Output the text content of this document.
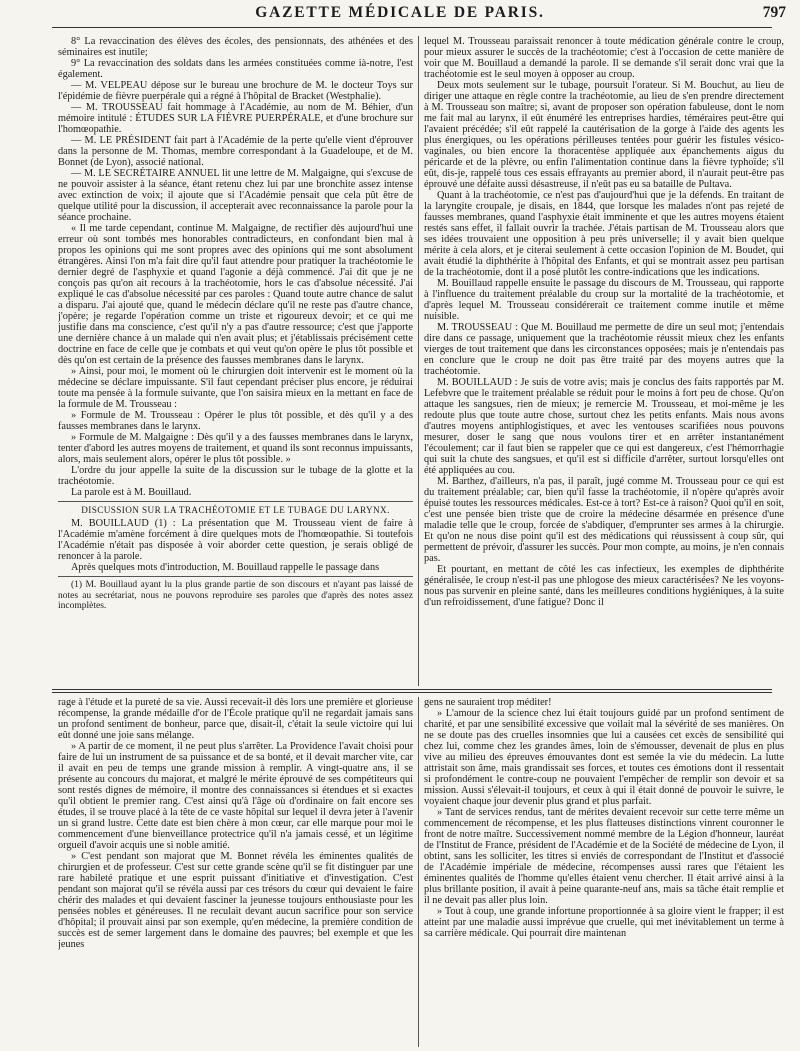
GAZETTE MÉDICALE DE PARIS.	797

8° La revaccination des élèves des écoles, des pensionnats, des athénées et des séminaires est inutile;

9° La revaccination des soldats dans les armées constituées comme ià-notre, l'est également.

— M. VELPEAU dépose sur le bureau une brochure de M. le docteur Toys sur l'épidémie de fièvre puerpérale qui a régné à l'hôpital de Bracket (Westphalie).

— M. TROUSSEAU fait hommage à l'Académie, au nom de M. Béhier, d'un mémoire intitulé : ÉTUDES SUR LA FIÈVRE PUERPÉRALE, et d'une brochure sur l'homœopathie.

— M. LE PRÉSIDENT fait part à l'Académie de la perte qu'elle vient d'éprouver dans la personne de M. Thomas, membre correspondant à la Guadeloupe, et de M. Bonnet (de Lyon), associé national.

— M. LE SECRÉTAIRE ANNUEL lit une lettre de M. Malgaigne, qui s'excuse de ne pouvoir assister à la séance, étant retenu chez lui par une bronchite assez intense avec extinction de voix; il ajoute que si l'Académie pensait que cela pût être de quelque utilité pour la discussion, il accepterait avec reconnaissance la parole pour la séance prochaine.

« Il me tarde cependant, continue M. Malgaigne, de rectifier dès aujourd'hui une erreur où sont tombés mes honorables contradicteurs, en confondant bien mal à propos les opinions qui me sont propres avec des opinions qui me sont absolument étrangères. Ainsi l'on m'a fait dire qu'il faut attendre pour pratiquer la trachéotomie le dernier degré de l'asphyxie et quand l'agonie a déjà commencé. J'ai dit que je ne conçois pas qu'on ait recours à la trachéotomie, hors le cas d'absolue nécessité. J'ai expliqué le cas d'absolue nécessité par ces paroles : Quand toute autre chance de salut a disparu. J'ai ajouté que, quand le médecin déclare qu'il ne reste pas d'autre chance, j'opère; je regarde l'opération comme un triste et rigoureux devoir; et ce qui me justifie dans ma conscience, c'est qu'il n'y a pas d'autre ressource; c'est que j'apporte une dernière chance à un malade qui n'en avait plus; et j'établissais précisément cette doctrine en face de celle que je combats et qui veut qu'on opère le plus tôt possible et dès qu'on est certain de la présence des fausses membranes dans le larynx.

» Ainsi, pour moi, le moment où le chirurgien doit intervenir est le moment où la médecine se déclare impuissante. S'il faut cependant préciser plus encore, je réduirai toute ma pensée à la formule suivante, que l'on saisira mieux en la mettant en face de la formule de M. Trousseau :

» Formule de M. Trousseau : Opérer le plus tôt possible, et dès qu'il y a des fausses membranes dans le larynx.

» Formule de M. Malgaigne : Dès qu'il y a des fausses membranes dans le larynx, tenter d'abord les autres moyens de traitement, et quand ils sont reconnus impuissants, alors, mais seulement alors, opérer le plus tôt possible. »

L'ordre du jour appelle la suite de la discussion sur le tubage de la glotte et la trachéotomie.

La parole est à M. Bouillaud.

DISCUSSION SUR LA TRACHÉOTOMIE ET LE TUBAGE DU LARYNX.

M. BOUILLAUD (1) : La présentation que M. Trousseau vient de faire à l'Académie m'amène forcément à dire quelques mots de l'homœopathie. Si toutefois l'Académie n'était pas disposée à voir aborder cette question, je serais obligé de renoncer à la parole.

Après quelques mots d'introduction, M. Bouillaud rappelle le passage dans

(1) M. Bouillaud ayant lu la plus grande partie de son discours et n'ayant pas laissé de notes au secrétariat, nous ne pouvons reproduire ses paroles que d'après des notes assez incomplètes.

lequel M. Trousseau paraissait renoncer à toute médication générale contre le croup, pour mieux assurer le succès de la trachéotomie; c'est à l'occasion de cette manière de voir que M. Bouillaud a demandé la parole. Il se demande s'il serait donc vrai que la trachéotomie est le seul moyen à opposer au croup.

Deux mots seulement sur le tubage, poursuit l'orateur. Si M. Bouchut, au lieu de diriger une attaque en règle contre la trachéotomie, au lieu de s'en prendre directement à M. Trousseau son maître; si, avant de proposer son opération fabuleuse, dont le nom me fait mal au larynx, il eût énuméré les entreprises hardies, téméraires peut-être qui l'avaient précédée; s'il eût rappelé la cautérisation de la gorge à l'aide des agents les plus énergiques, ou les opérations périlleuses tentées pour guérir les fistules vésico-vaginales, ou bien encore la thoracentèse appliquée aux épanchements aigus du péricarde et de la plèvre, ou enfin l'alimentation continue dans la fièvre typhoïde; s'il eût, dis-je, rappelé tous ces essais effrayants au premier abord, il n'aurait peut-être pas éprouvé une défaite aussi désastreuse, il n'eût pas eu sa bataille de Pultava.

Quant à la trachéotomie, ce n'est pas d'aujourd'hui que je la défends. En traitant de la laryngite croupale, je disais, en 1844, que lorsque les malades n'ont pas rejeté de fausses membranes, quand l'asphyxie était imminente et que les autres moyens étaient restés sans effet, il fallait ouvrir la trachée. J'étais partisan de M. Trousseau alors que ses idées trouvaient une opposition à peu près universelle; il y avait bien quelque mérite à cela alors, et je citerai seulement à cette occasion l'opinion de M. Boudet, qui avait étudié la diphthérite à l'hôpital des Enfants, et qui se montrait assez peu partisan de la trachéotomie, dont il a posé plutôt les contre-indications que les indications.

M. Bouillaud rappelle ensuite le passage du discours de M. Trousseau, qui rapporte à l'influence du traitement préalable du croup sur la mortalité de la trachéotomie, et d'après lequel M. Trousseau considérerait ce traitement comme inutile et même nuisible.

M. TROUSSEAU : Que M. Bouillaud me permette de dire un seul mot; j'entendais dire dans ce passage, uniquement que la trachéotomie réussit mieux chez les enfants vierges de tout traitement que dans les circonstances opposées; mais je n'entendais pas en conclure que le croup ne doit pas être traité par des moyens autres que la trachéotomie.

M. BOUILLAUD : Je suis de votre avis; mais je conclus des faits rapportés par M. Lefebvre que le traitement préalable se réduit pour le moins à fort peu de chose. Qu'on attaque les sangsues, rien de mieux; je remercie M. Trousseau, et moi-même je les redoute plus que toute autre chose, surtout chez les petits enfants. Mais nous avons d'autres moyens antiphlogistiques, et avec les ventouses scarifiées nous pouvons mesurer, doser le sang que nous voulons tirer et en arrêter instantanément l'écoulement; car il faut bien se rappeler que ce qui est dangereux, c'est l'hémorrhagie qui suit la chute des sangsues, et qu'il est si difficile d'arrêter, surtout lorsqu'elles ont été appliquées au cou.

M. Barthez, d'ailleurs, n'a pas, il paraît, jugé comme M. Trousseau pour ce qui est du traitement préalable; car, bien qu'il fasse la trachéotomie, il n'opère qu'après avoir épuisé toutes les ressources médicales. Est-ce à tort? Est-ce à raison? Quoi qu'il en soit, c'est une pensée bien triste que de croire la médecine désarmée en présence d'une maladie telle que le croup, forcée de s'abdiquer, d'emprunter ses armes à la chirurgie. Et qu'on ne nous dise point qu'il est des médications qui réussissent à coup sûr, qui permettent de prévoir, d'assurer les succès. Pour mon compte, au moins, je n'en connais pas.

Et pourtant, en mettant de côté les cas infectieux, les exemples de diphthérite généralisée, le croup n'est-il pas une phlogose des mieux caractérisées? Ne les voyons-nous pas survenir en pleine santé, dans les meilleures conditions hygiéniques, à la suite d'un refroidissement, d'une fatigue? Donc il

rage à l'étude et la pureté de sa vie. Aussi recevait-il dès lors une première et glorieuse récompense, la grande médaille d'or de l'École pratique qu'il ne regardait jamais sans un profond sentiment de bonheur, parce que, disait-il, c'était la seule victoire qui lui eût donné une joie sans mélange.

» A partir de ce moment, il ne peut plus s'arrêter. La Providence l'avait choisi pour faire de lui un instrument de sa puissance et de sa bonté, et il devait marcher vite, car il avait en peu de temps une grande mission à remplir. A vingt-quatre ans, il se présente au concours du majorat, et malgré le mérite éprouvé de ses compétiteurs qui sont restés dignes de mémoire, il montre des connaissances si étendues et si exactes qu'il obtient le premier rang. C'est ainsi qu'à l'âge où d'ordinaire on fait encore ses études, il se trouve placé à la tête de ce vaste hôpital sur lequel il devra jeter à l'avenir un si grand lustre. Cette date est bien chère à mon cœur, car elle marque pour moi le commencement d'une bienveillance protectrice qu'il n'a jamais cessé, et un légitime orgueil d'avoir acquis une si noble amitié.

» C'est pendant son majorat que M. Bonnet révéla les éminentes qualités de chirurgien et de professeur. C'est sur cette grande scène qu'il se fit distinguer par une rare habileté pratique et une esprit puissant d'initiative et d'investigation. C'est pendant son majorat qu'il se révéla aussi par ces trésors du cœur qui devaient le faire chérir des malades et qui devaient fasciner la jeunesse toujours enthousiaste pour les pensées nobles et généreuses. Il ne reculait devant aucun sacrifice pour son service d'hôpital; il prouvait ainsi par son exemple, qu'en médecine, la première condition de succès est de semer largement dans le domaine des pauvres; bel exemple et que les jeunes

gens ne sauraient trop méditer!

» L'amour de la science chez lui était toujours guidé par un profond sentiment de charité, et par une sensibilité excessive que voilait mal la sévérité de ses manières. On ne se doute pas des cruelles insomnies que lui a causées cet excès de sensibilité qui chez lui, comme chez les grandes âmes, loin de s'émousser, devenait de plus en plus vive au milieu des épreuves émouvantes dont est semée la vie du médecin. La lutte attristait son âme, mais grandissait ses forces, et toutes ces émotions dont il ressentait si profondément le contre-coup ne pouvaient l'empêcher de remplir son devoir et sa mission. Aussi s'élevait-il toujours, et ceux à qui il était donné de pouvoir le suivre, le voyaient chaque jour devenir plus grand et plus parfait.

» Tant de services rendus, tant de mérites devaient recevoir sur cette terre même un commencement de récompense, et les plus flatteuses distinctions vinrent couronner le front de notre maître. Successivement nommé membre de la Légion d'honneur, lauréat de l'Institut de France, président de l'Académie et de la Société de médecine de Lyon, il obtint, sans les solliciter, les titres si enviés de correspondant de l'Institut et d'associé de l'Académie impériale de médecine, récompenses aussi rares que l'étaient les éminentes qualités de l'homme qu'elles étaient venu chercher. Il était arrivé ainsi à la plus brillante position, il avait à peine quarante-neuf ans, mais sa tâche était remplie et il ne devait pas aller plus loin.

» Tout à coup, une grande infortune proportionnée à sa gloire vient le frapper; il est atteint par une maladie aussi imprévue que cruelle, qui met inévitablement un terme à sa carrière médicale. Qui pourrait dire maintenan
